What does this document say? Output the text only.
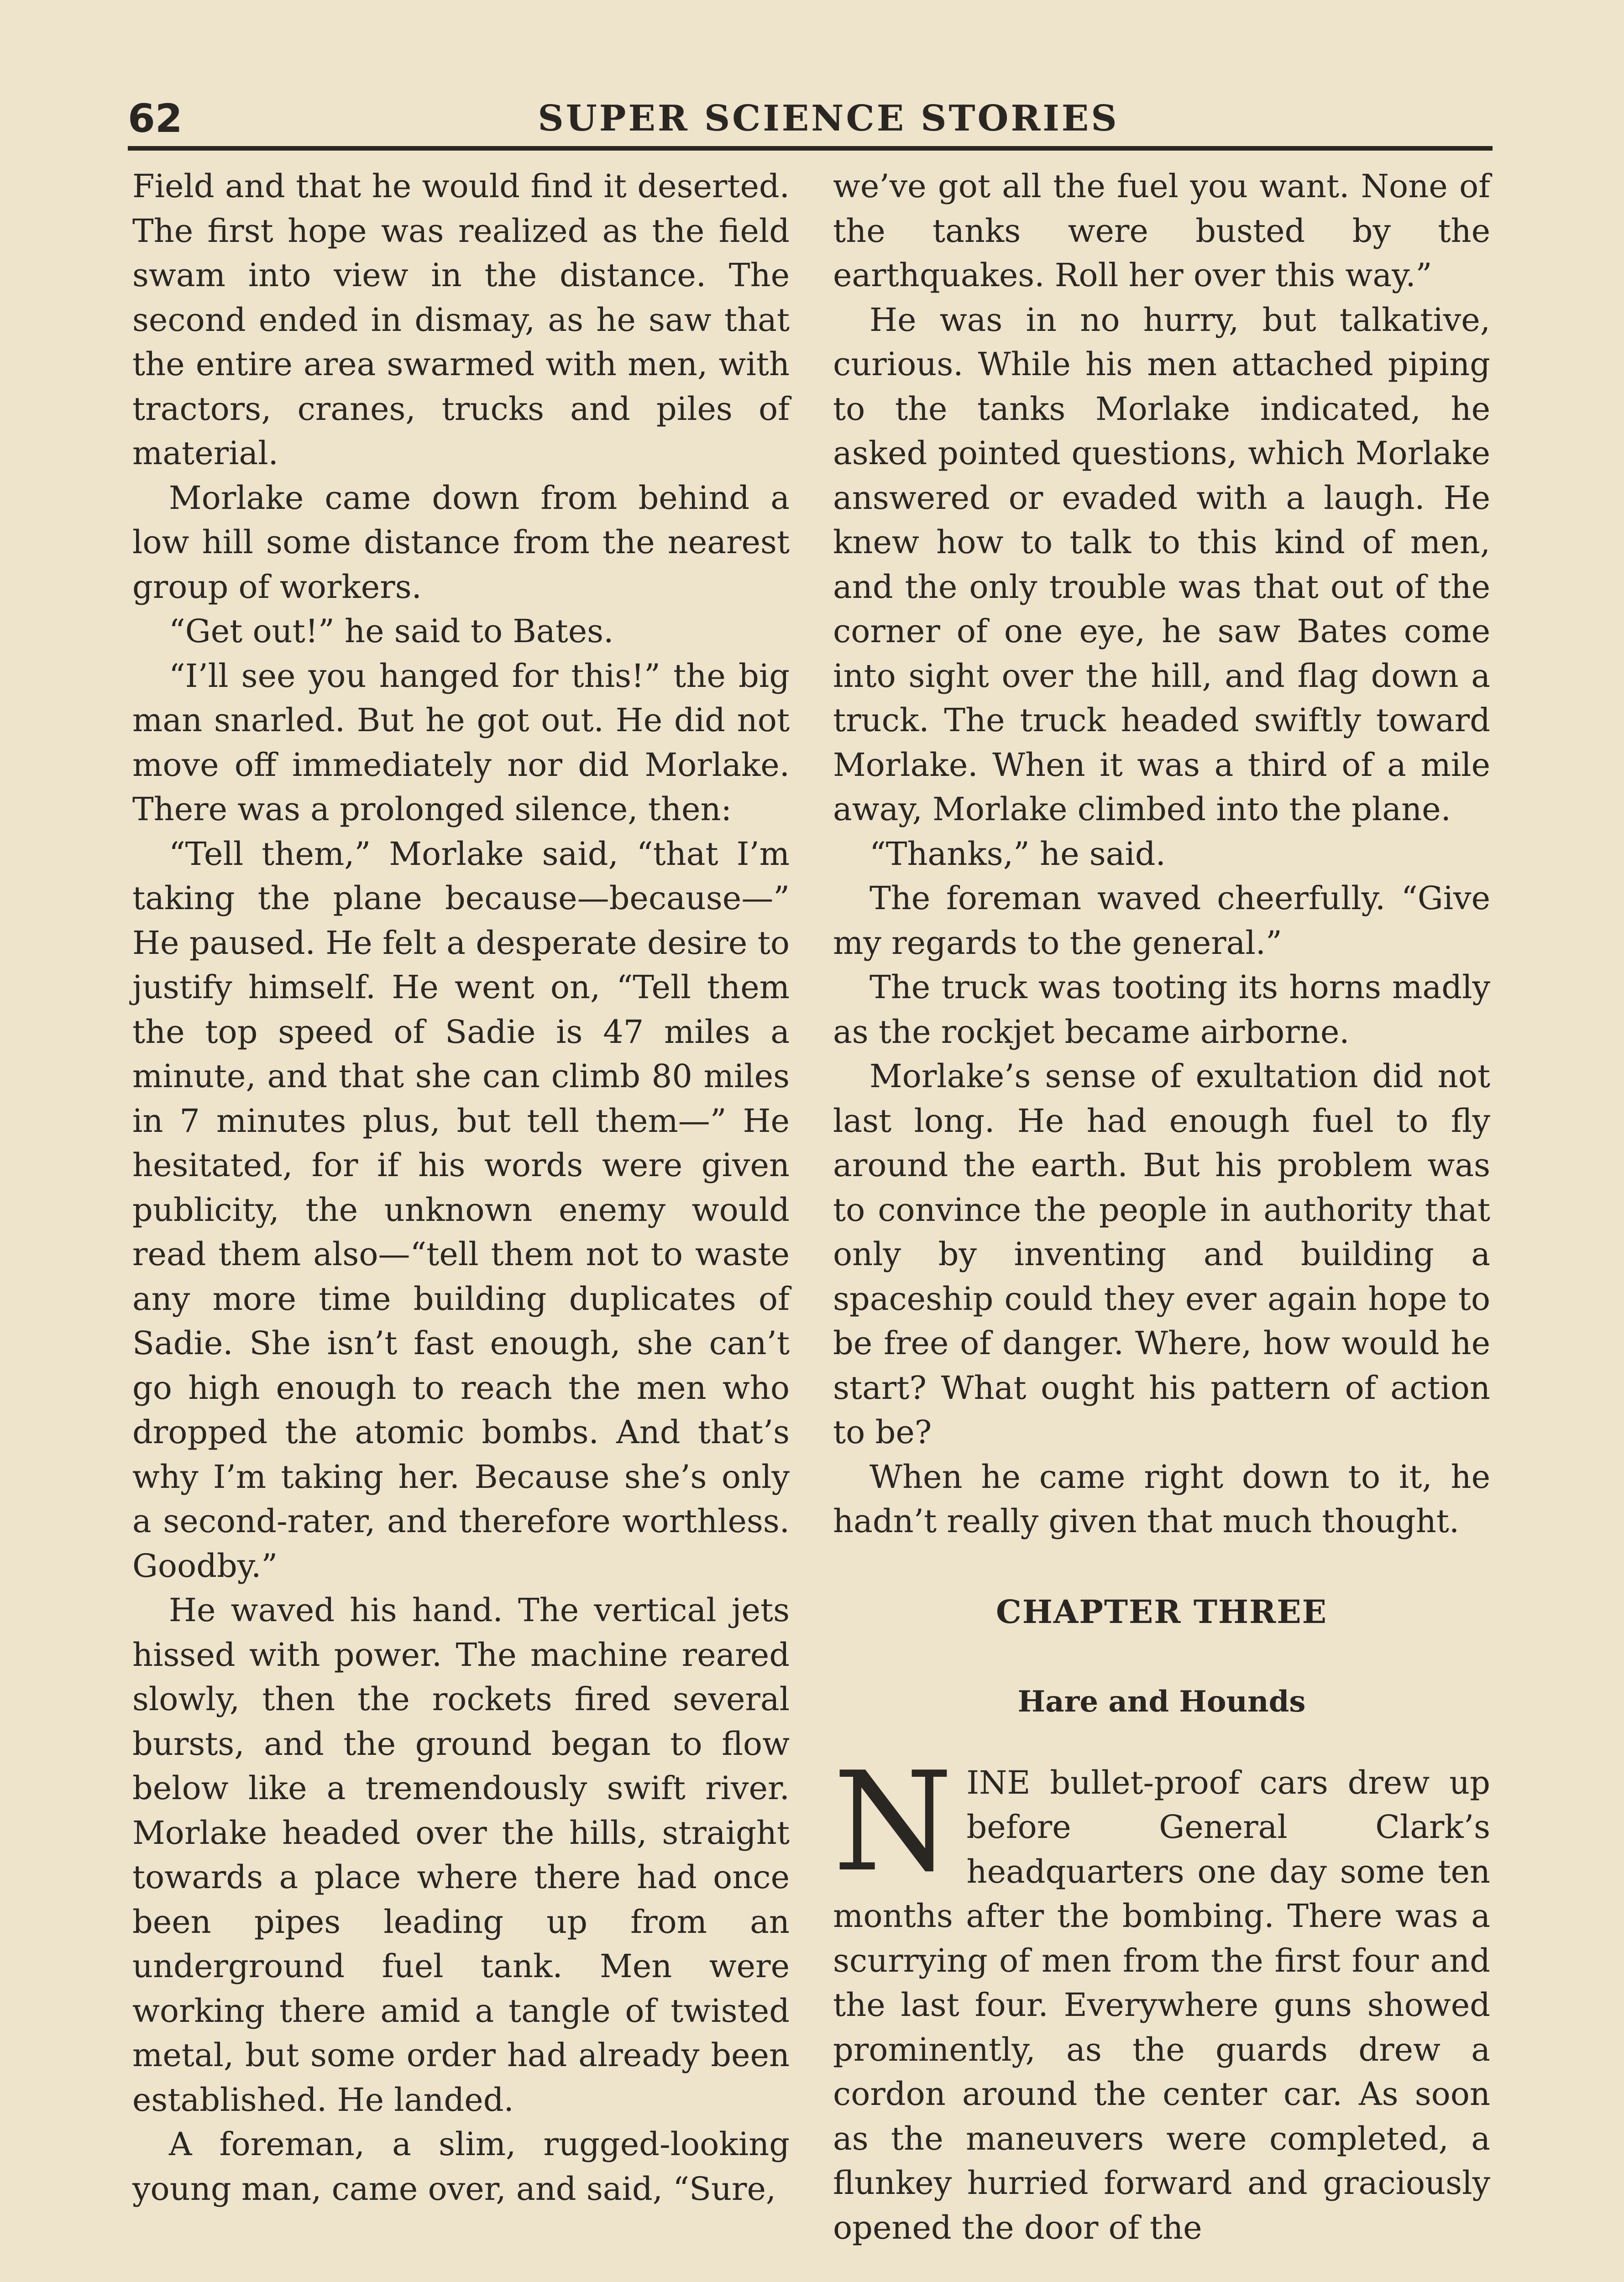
62	SUPER SCIENCE STORIES

Field and that he would find it deserted. The first hope was realized as the field swam into view in the distance. The second ended in dismay, as he saw that the entire area swarmed with men, with tractors, cranes, trucks and piles of material.

Morlake came down from behind a low hill some distance from the nearest group of workers.

“Get out!” he said to Bates.

“I’ll see you hanged for this!” the big man snarled. But he got out. He did not move off immediately nor did Morlake. There was a prolonged silence, then:

“Tell them,” Morlake said, “that I’m taking the plane because—because—” He paused. He felt a desperate desire to justify himself. He went on, “Tell them the top speed of Sadie is 47 miles a minute, and that she can climb 80 miles in 7 minutes plus, but tell them—” He hesitated, for if his words were given publicity, the unknown enemy would read them also—“tell them not to waste any more time building duplicates of Sadie. She isn’t fast enough, she can’t go high enough to reach the men who dropped the atomic bombs. And that’s why I’m taking her. Because she’s only a second-rater, and therefore worthless. Goodby.”

He waved his hand. The vertical jets hissed with power. The machine reared slowly, then the rockets fired several bursts, and the ground began to flow below like a tremendously swift river. Morlake headed over the hills, straight towards a place where there had once been pipes leading up from an underground fuel tank. Men were working there amid a tangle of twisted metal, but some order had already been established. He landed.

A foreman, a slim, rugged-looking young man, came over, and said, “Sure,

we’ve got all the fuel you want. None of the tanks were busted by the earthquakes. Roll her over this way.”

He was in no hurry, but talkative, curious. While his men attached piping to the tanks Morlake indicated, he asked pointed questions, which Morlake answered or evaded with a laugh. He knew how to talk to this kind of men, and the only trouble was that out of the corner of one eye, he saw Bates come into sight over the hill, and flag down a truck. The truck headed swiftly toward Morlake. When it was a third of a mile away, Morlake climbed into the plane.

“Thanks,” he said.

The foreman waved cheerfully. “Give my regards to the general.”

The truck was tooting its horns madly as the rockjet became airborne.

Morlake’s sense of exultation did not last long. He had enough fuel to fly around the earth. But his problem was to convince the people in authority that only by inventing and building a spaceship could they ever again hope to be free of danger. Where, how would he start? What ought his pattern of action to be?

When he came right down to it, he hadn’t really given that much thought.

CHAPTER THREE
Hare and Hounds

NINE bullet-proof cars drew up before General Clark’s headquarters one day some ten months after the bombing. There was a scurrying of men from the first four and the last four. Everywhere guns showed prominently, as the guards drew a cordon around the center car. As soon as the maneuvers were completed, a flunkey hurried forward and graciously opened the door of the
